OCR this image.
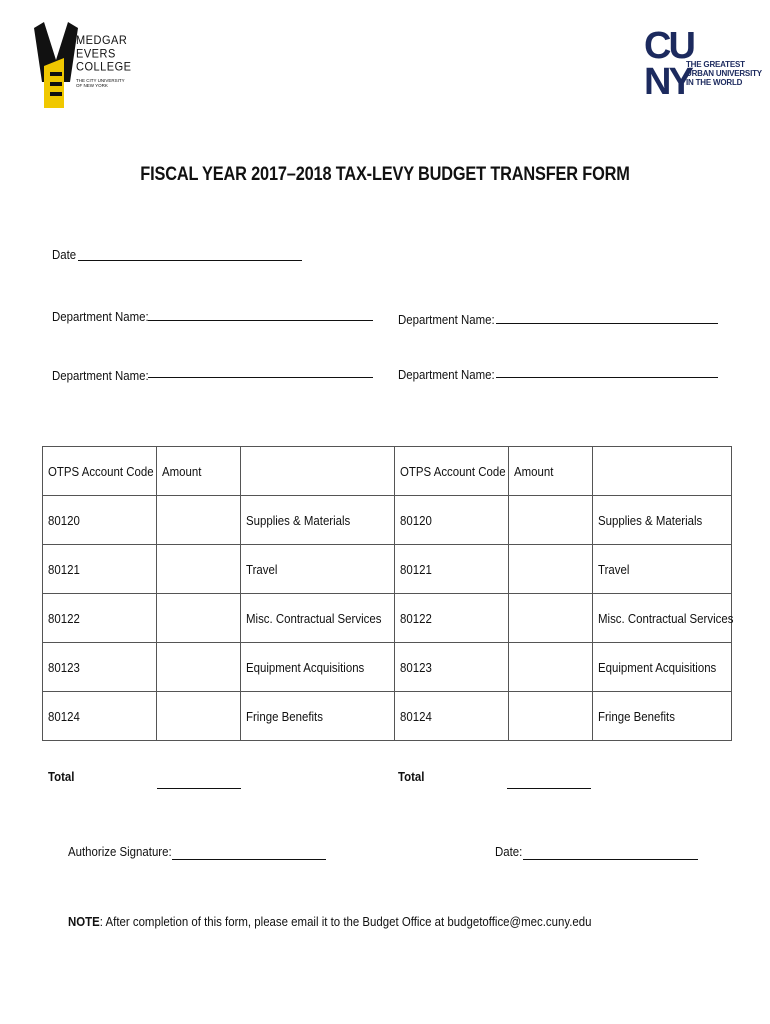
MEDGAR
EVERS
COLLEGE
THE CITY UNIVERSITY
OF NEW YORK
CU
NY
THE GREATEST
URBAN UNIVERSITY
IN THE WORLD
FISCAL YEAR 2017–2018 TAX-LEVY BUDGET TRANSFER FORM
Date
Department Name:	Department Name:
Department Name:	Department Name:
OTPS Account Code	Amount		OTPS Account Code	Amount	
80120		Supplies & Materials	80120		Supplies & Materials
80121		Travel	80121		Travel
80122		Misc. Contractual Services	80122		Misc. Contractual Services
80123		Equipment Acquisitions	80123		Equipment Acquisitions
80124		Fringe Benefits	80124		Fringe Benefits
Total	Total
Authorize Signature:	Date:
NOTE: After completion of this form, please email it to the Budget Office at budgetoffice@mec.cuny.edu
